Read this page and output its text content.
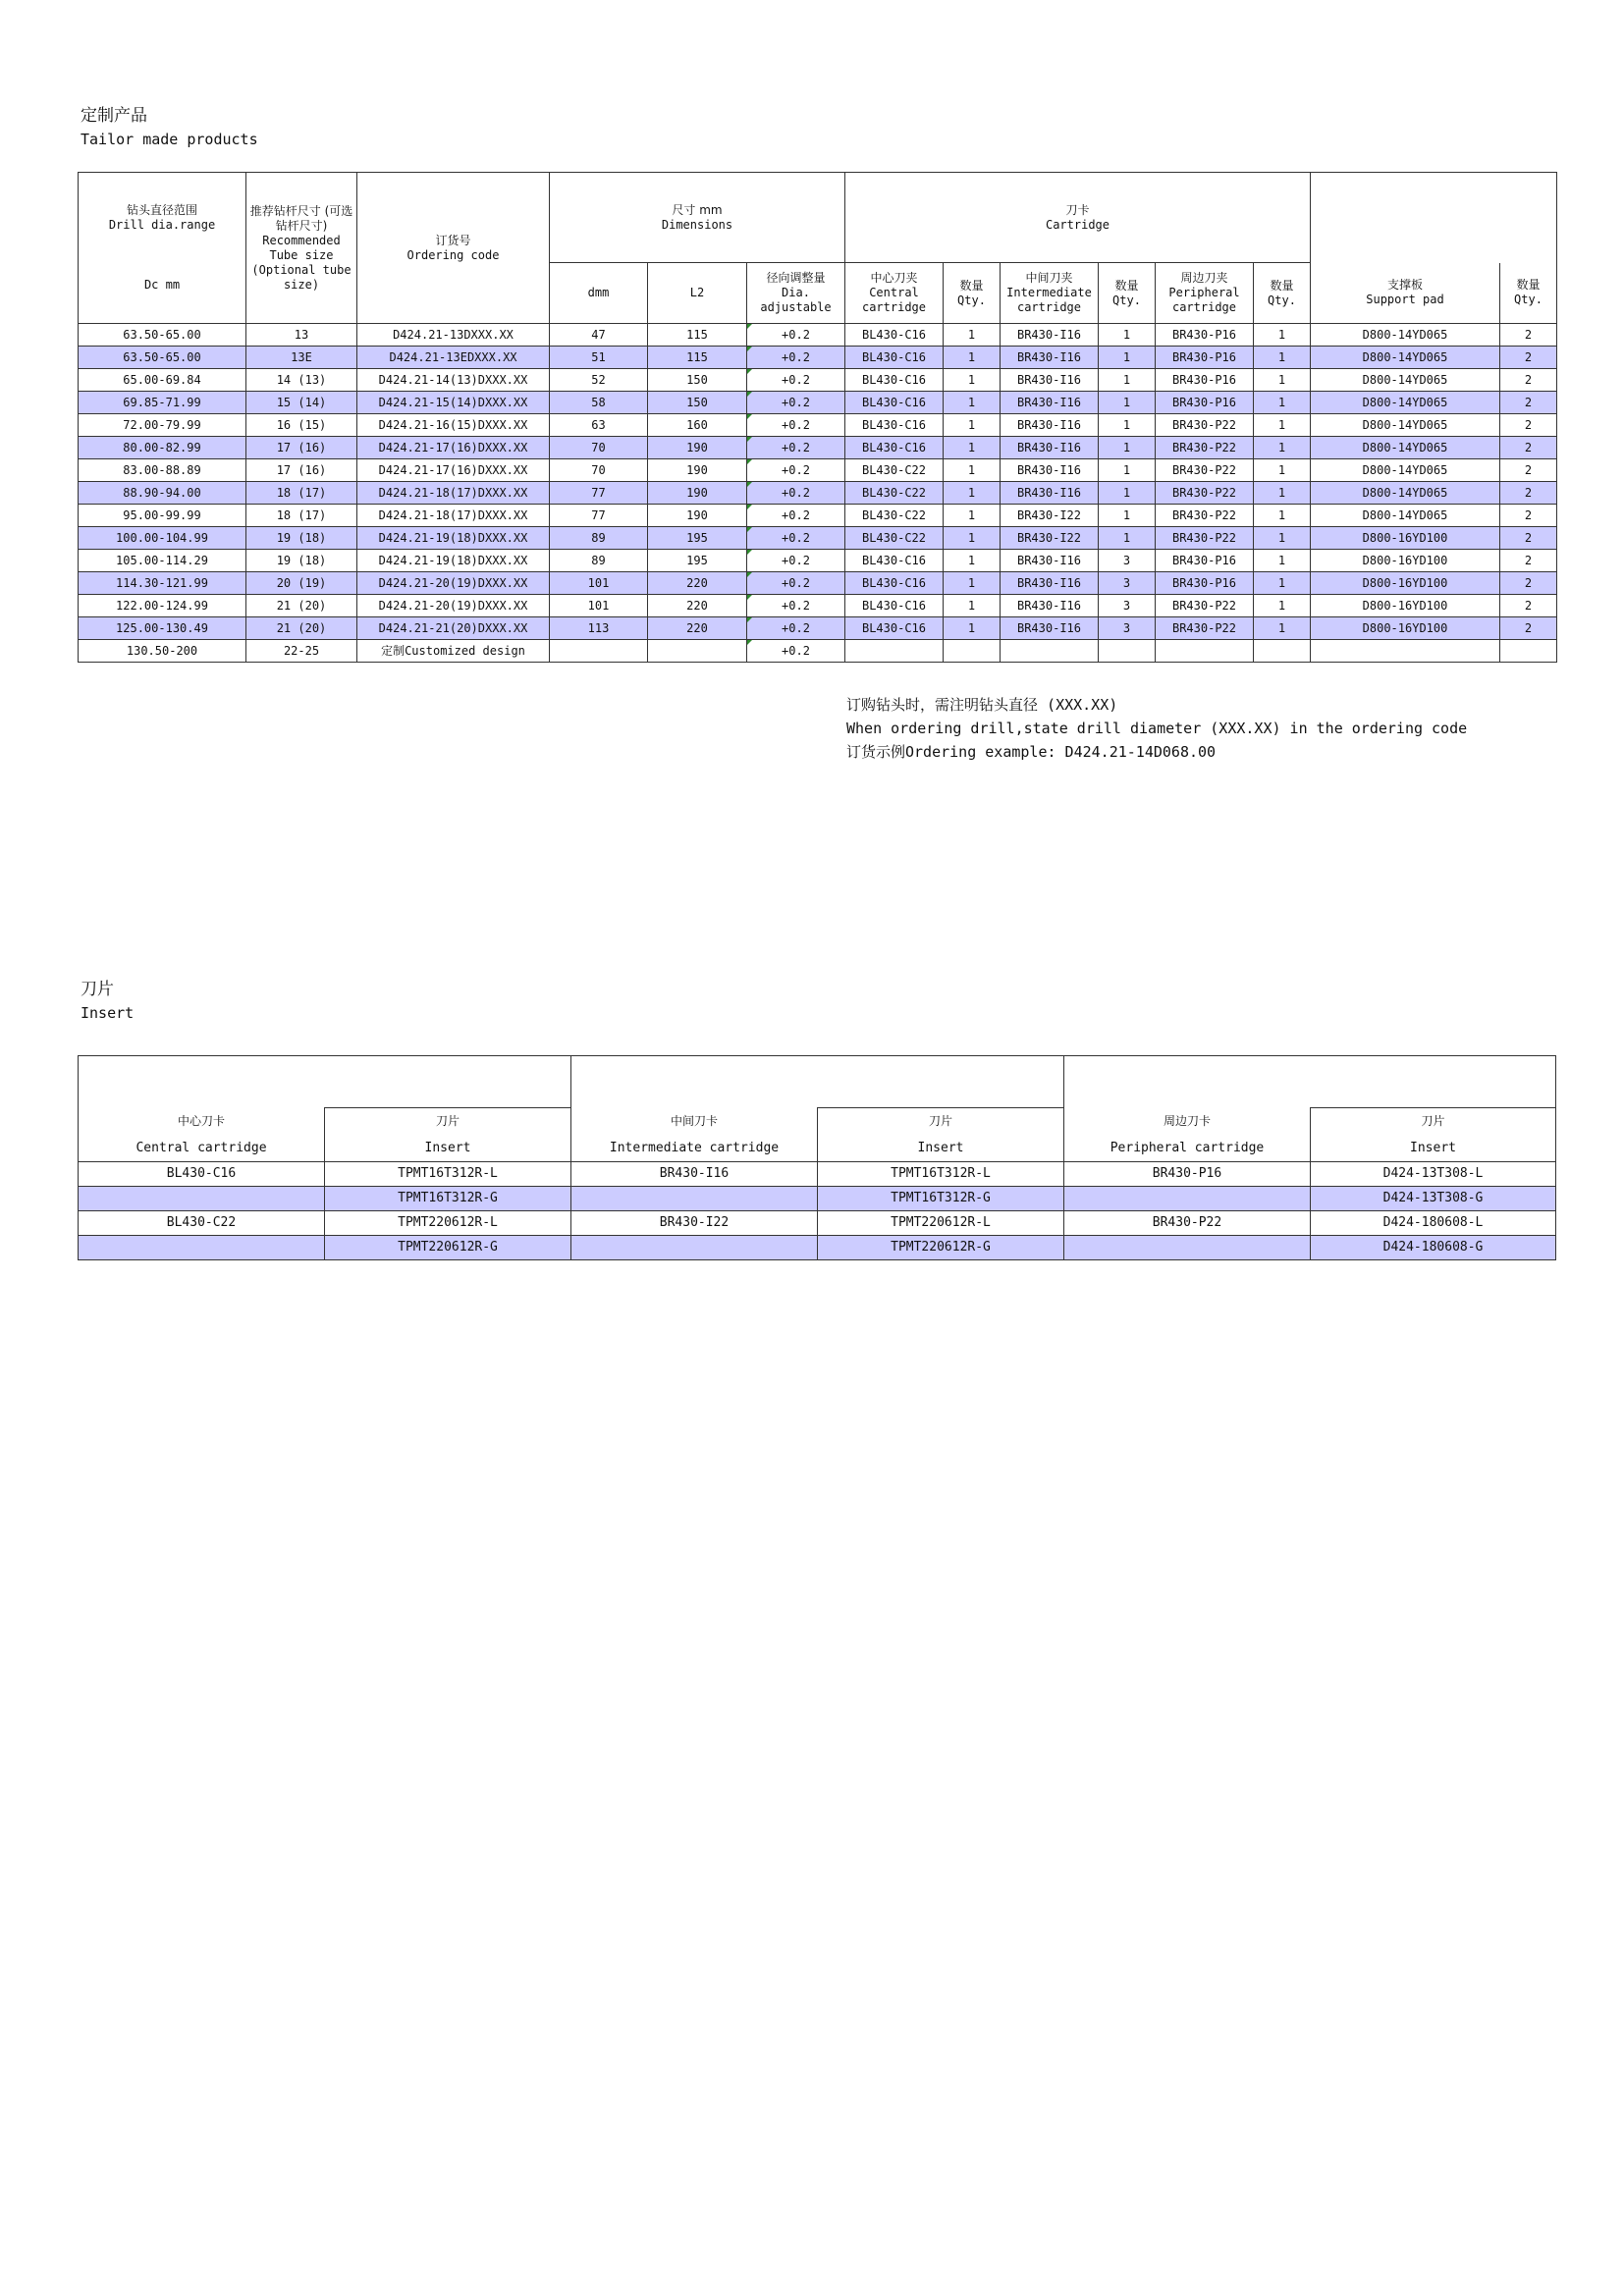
定制产品
Tailor made products
钻头直径范围
Drill dia.range
Dc mm	推荐钻杆尺寸 (可选钻杆尺寸)
Recommended Tube size (Optional tube size)	订货号
Ordering code	尺寸 mm
Dimensions			刀卡
Cartridge							

			dmm	L2	径向调整量
Dia. adjustable	中心刀夹
Central cartridge	数量
Qty.	中间刀夹
Intermediate cartridge	数量
Qty.	周边刀夹
Peripheral cartridge	数量
Qty.	支撑板
Support pad	数量
Qty.

63.50-65.00	13	D424.21-13DXXX.XX	47	115	+0.2	BL430-C16	1	BR430-I16	1	BR430-P16	1	D800-14YD065	2
63.50-65.00	13E	D424.21-13EDXXX.XX	51	115	+0.2	BL430-C16	1	BR430-I16	1	BR430-P16	1	D800-14YD065	2
65.00-69.84	14 (13)	D424.21-14(13)DXXX.XX	52	150	+0.2	BL430-C16	1	BR430-I16	1	BR430-P16	1	D800-14YD065	2
69.85-71.99	15 (14)	D424.21-15(14)DXXX.XX	58	150	+0.2	BL430-C16	1	BR430-I16	1	BR430-P16	1	D800-14YD065	2
72.00-79.99	16 (15)	D424.21-16(15)DXXX.XX	63	160	+0.2	BL430-C16	1	BR430-I16	1	BR430-P22	1	D800-14YD065	2
80.00-82.99	17 (16)	D424.21-17(16)DXXX.XX	70	190	+0.2	BL430-C16	1	BR430-I16	1	BR430-P22	1	D800-14YD065	2
83.00-88.89	17 (16)	D424.21-17(16)DXXX.XX	70	190	+0.2	BL430-C22	1	BR430-I16	1	BR430-P22	1	D800-14YD065	2
88.90-94.00	18 (17)	D424.21-18(17)DXXX.XX	77	190	+0.2	BL430-C22	1	BR430-I16	1	BR430-P22	1	D800-14YD065	2
95.00-99.99	18 (17)	D424.21-18(17)DXXX.XX	77	190	+0.2	BL430-C22	1	BR430-I22	1	BR430-P22	1	D800-14YD065	2
100.00-104.99	19 (18)	D424.21-19(18)DXXX.XX	89	195	+0.2	BL430-C22	1	BR430-I22	1	BR430-P22	1	D800-16YD100	2
105.00-114.29	19 (18)	D424.21-19(18)DXXX.XX	89	195	+0.2	BL430-C16	1	BR430-I16	3	BR430-P16	1	D800-16YD100	2
114.30-121.99	20 (19)	D424.21-20(19)DXXX.XX	101	220	+0.2	BL430-C16	1	BR430-I16	3	BR430-P16	1	D800-16YD100	2
122.00-124.99	21 (20)	D424.21-20(19)DXXX.XX	101	220	+0.2	BL430-C16	1	BR430-I16	3	BR430-P22	1	D800-16YD100	2
125.00-130.49	21 (20)	D424.21-21(20)DXXX.XX	113	220	+0.2	BL430-C16	1	BR430-I16	3	BR430-P22	1	D800-16YD100	2
130.50-200	22-25	定制Customized design			+0.2								
订购钻头时，需注明钻头直径 (XXX.XX)
When ordering drill,state drill diameter (XXX.XX) in the ordering code
订货示例Ordering example: D424.21-14D068.00
刀片
Insert

中心刀卡
Central cartridge	刀片
Insert	中间刀卡
Intermediate cartridge	刀片
Insert	周边刀卡
Peripheral cartridge	刀片
Insert

BL430-C16	TPMT16T312R-L	BR430-I16	TPMT16T312R-L	BR430-P16	D424-13T308-L
	TPMT16T312R-G		TPMT16T312R-G		D424-13T308-G
BL430-C22	TPMT220612R-L	BR430-I22	TPMT220612R-L	BR430-P22	D424-180608-L
	TPMT220612R-G		TPMT220612R-G		D424-180608-G
